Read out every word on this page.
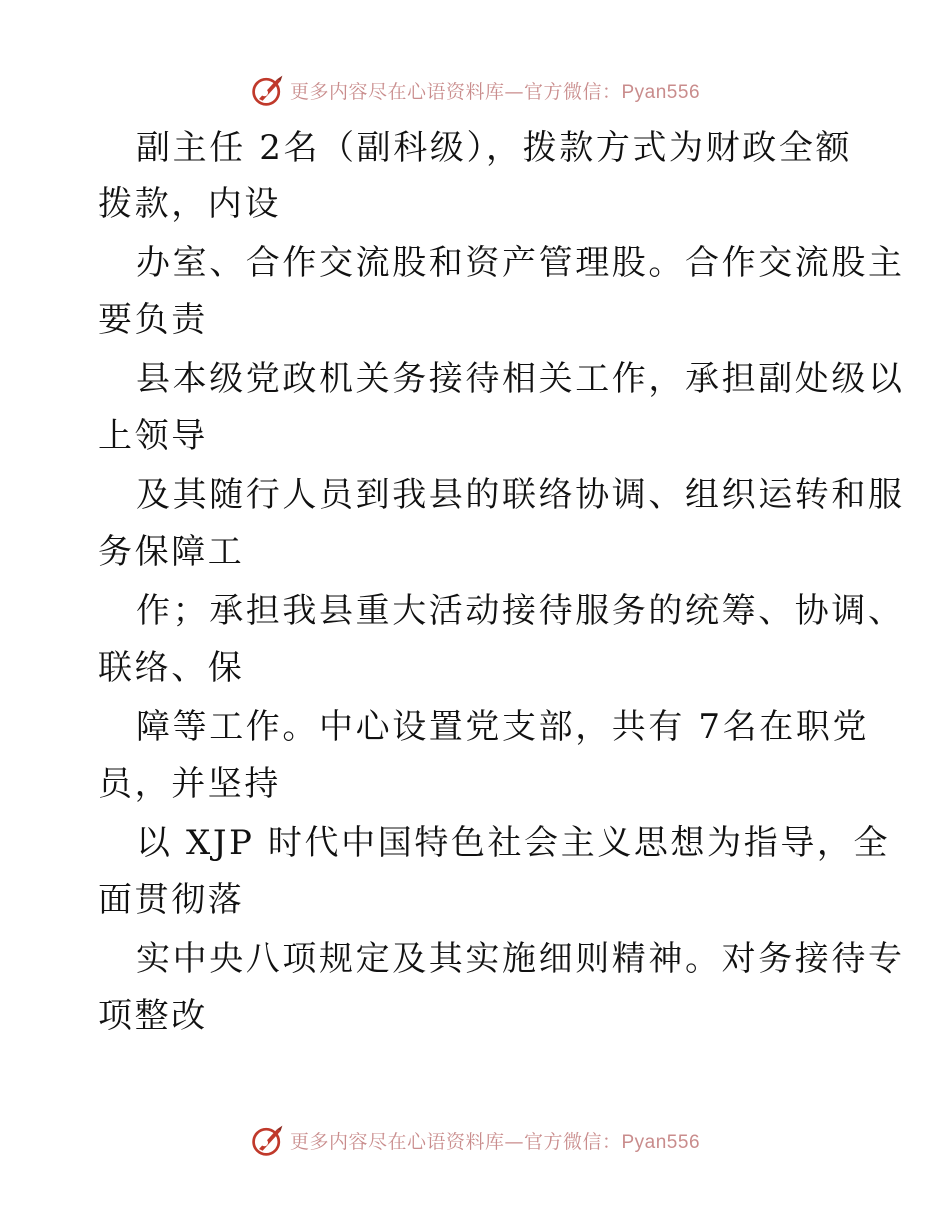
更多内容尽在心语资料库—官方微信：Pyan556
副主任 2名（副科级），拨款方式为财政全额
拨款，内设
办室、合作交流股和资产管理股。合作交流股主
要负责
县本级党政机关务接待相关工作，承担副处级以
上领导
及其随行人员到我县的联络协调、组织运转和服
务保障工
作；承担我县重大活动接待服务的统筹、协调、
联络、保
障等工作。中心设置党支部，共有 7名在职党
员，并坚持
以 XJP 时代中国特色社会主义思想为指导，全
面贯彻落
实中央八项规定及其实施细则精神。对务接待专
项整改
更多内容尽在心语资料库—官方微信：Pyan556
